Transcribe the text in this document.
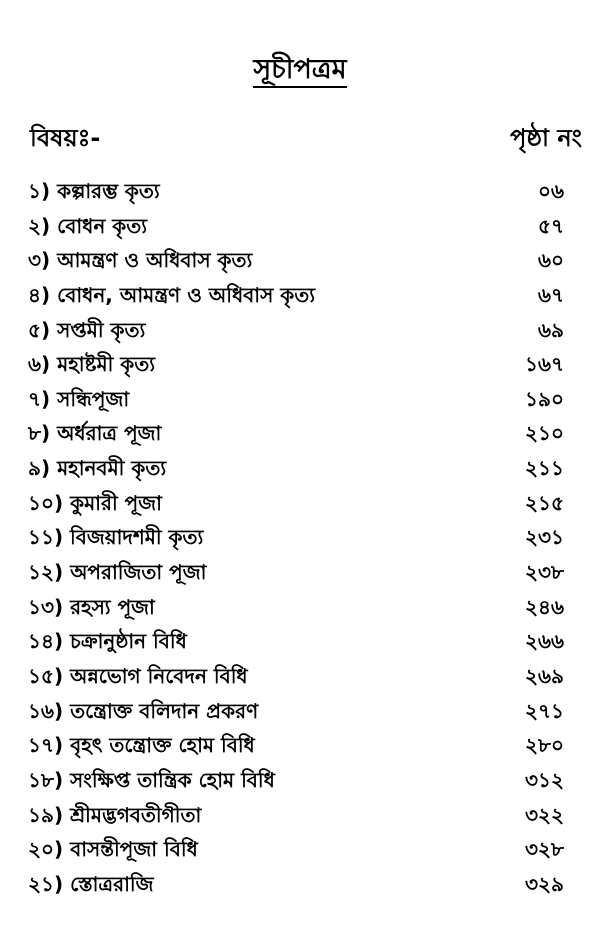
সূচীপত্রম
বিষয়ঃ-	পৃষ্ঠা নং
১) কল্পারম্ভ কৃত্য	০৬
২) বোধন কৃত্য	৫৭
৩) আমন্ত্রণ ও অধিবাস কৃত্য	৬০
৪) বোধন, আমন্ত্রণ ও অধিবাস কৃত্য	৬৭
৫) সপ্তমী কৃত্য	৬৯
৬) মহাষ্টমী কৃত্য	১৬৭
৭) সন্ধিপূজা	১৯০
৮) অর্ধরাত্র পূজা	২১০
৯) মহানবমী কৃত্য	২১১
১০) কুমারী পূজা	২১৫
১১) বিজয়াদশমী কৃত্য	২৩১
১২) অপরাজিতা পূজা	২৩৮
১৩) রহস্য পূজা	২৪৬
১৪) চক্রানুষ্ঠান বিধি	২৬৬
১৫) অন্নভোগ নিবেদন বিধি	২৬৯
১৬) তন্ত্রোক্ত বলিদান প্রকরণ	২৭১
১৭) বৃহৎ তন্ত্রোক্ত হোম বিধি	২৮০
১৮) সংক্ষিপ্ত তান্ত্রিক হোম বিধি	৩১২
১৯) শ্রীমদ্ভগবতীগীতা	৩২২
২০) বাসন্তীপূজা বিধি	৩২৮
২১) স্তোত্ররাজি	৩২৯
